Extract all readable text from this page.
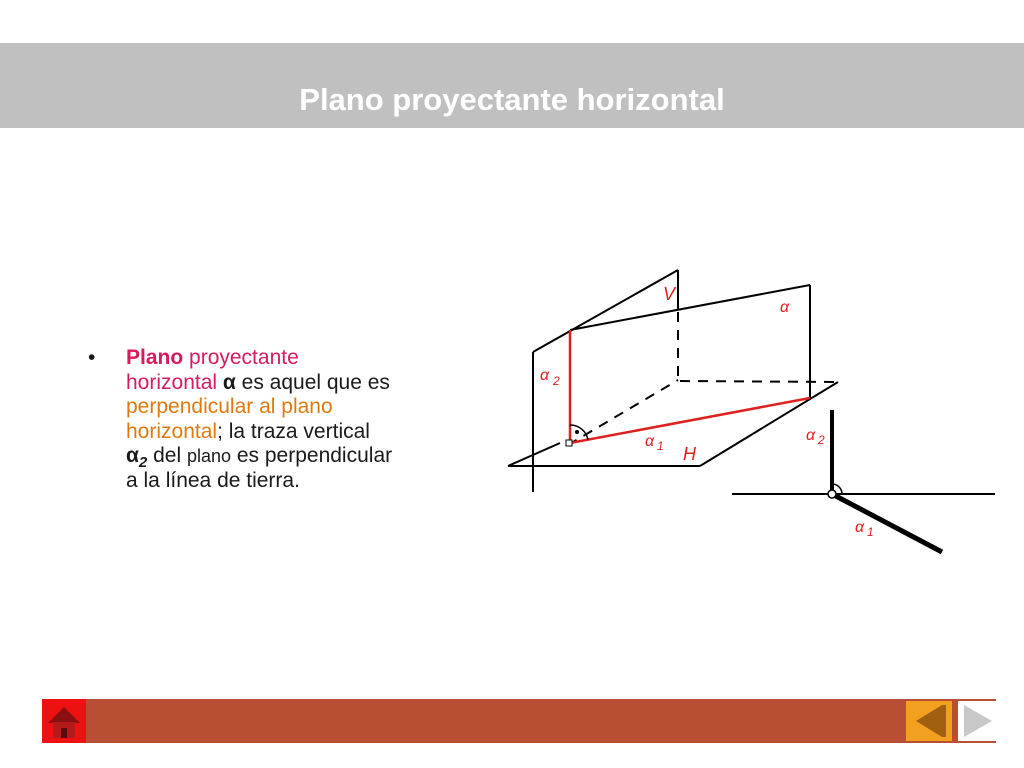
Plano proyectante horizontal
• Plano proyectante
horizontal α es aquel que es
perpendicular al plano
horizontal; la traza vertical
$\alpha_2$ del plano es perpendicular
a la línea de tierra.
V
α
α 2
α 1 H
α 2
α 1
